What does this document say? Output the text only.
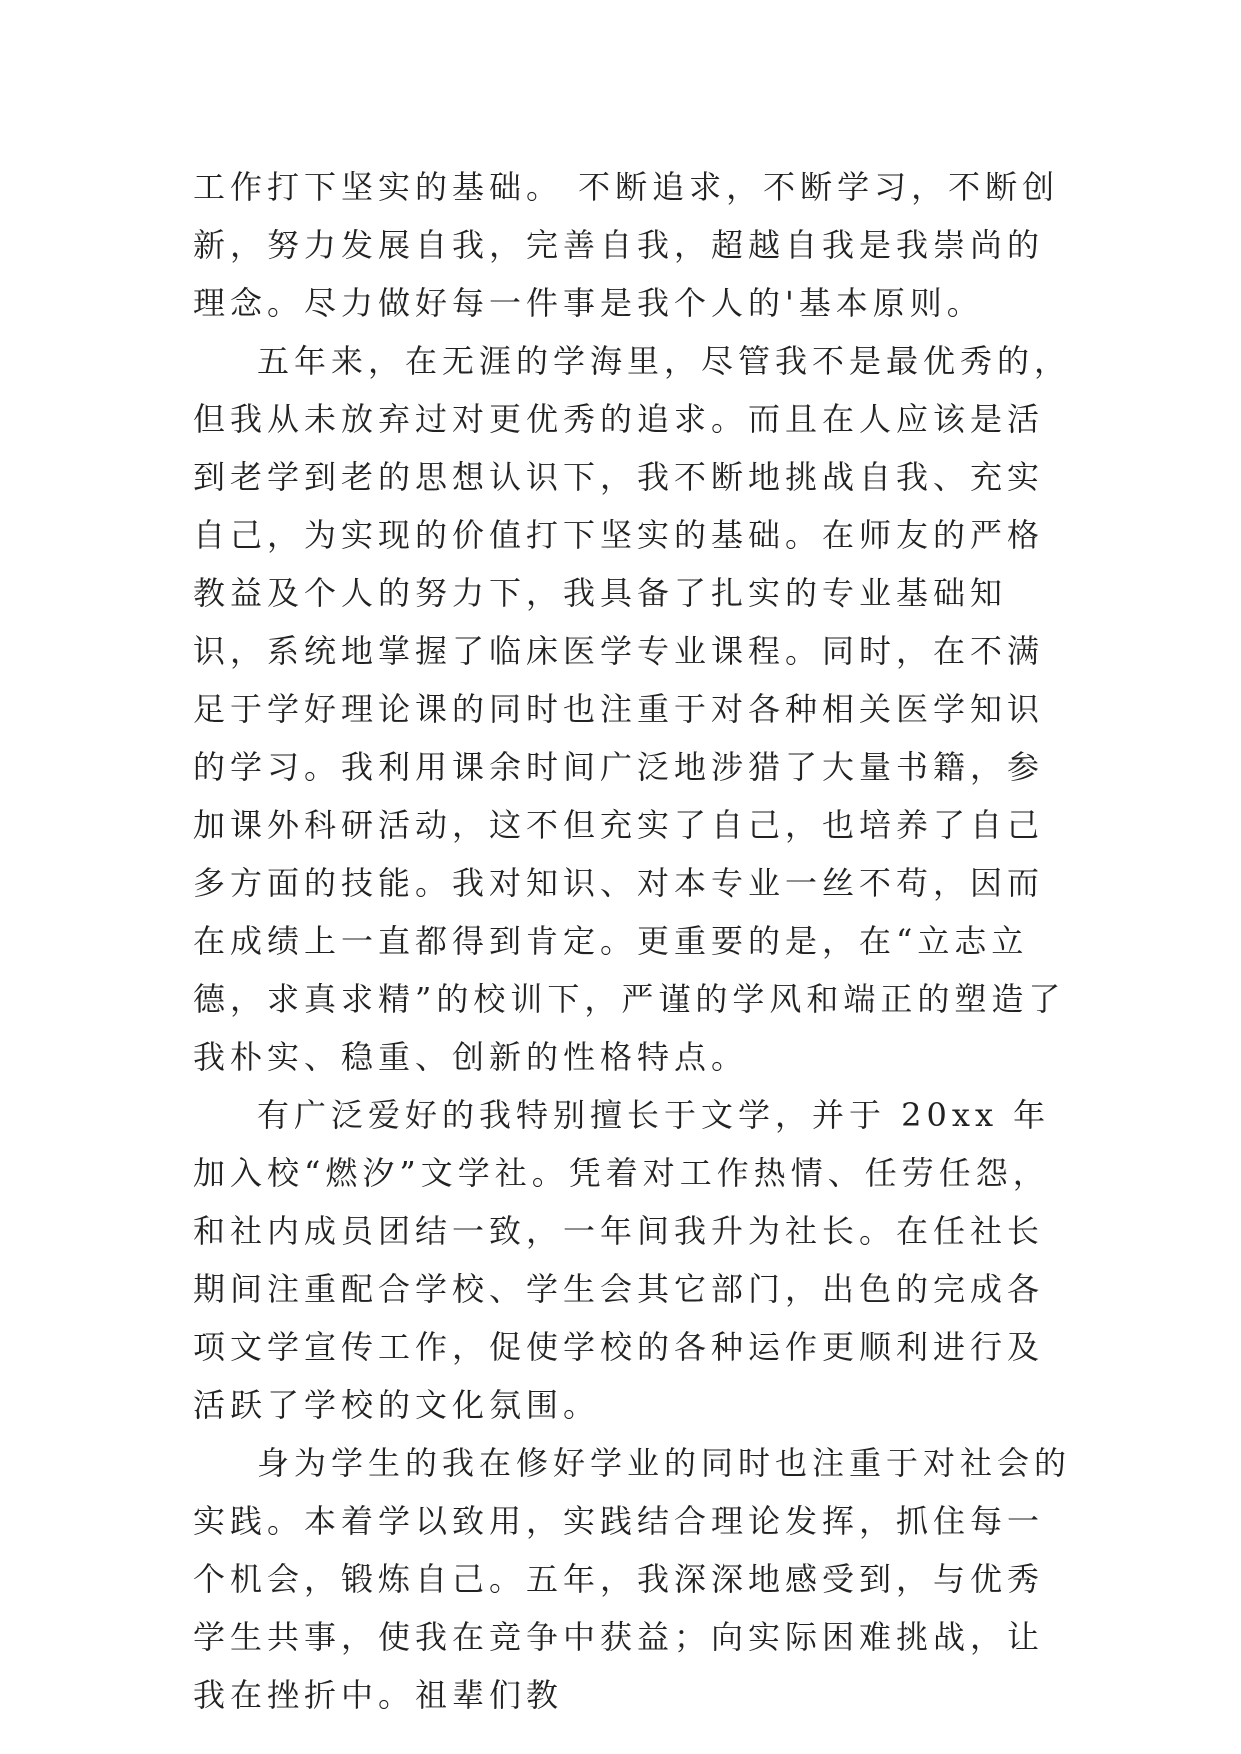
工作打下坚实的基础。 不断追求，不断学习，不断创新，努力发展自我，完善自我，超越自我是我崇尚的理念。尽力做好每一件事是我个人的'基本原则。

五年来，在无涯的学海里，尽管我不是最优秀的，但我从未放弃过对更优秀的追求。而且在人应该是活到老学到老的思想认识下，我不断地挑战自我、充实自己，为实现的价值打下坚实的基础。在师友的严格教益及个人的努力下，我具备了扎实的专业基础知识，系统地掌握了临床医学专业课程。同时，在不满足于学好理论课的同时也注重于对各种相关医学知识的学习。我利用课余时间广泛地涉猎了大量书籍，参加课外科研活动，这不但充实了自己，也培养了自己多方面的技能。我对知识、对本专业一丝不苟，因而在成绩上一直都得到肯定。更重要的是，在“立志立德，求真求精”的校训下，严谨的学风和端正的塑造了我朴实、稳重、创新的性格特点。

有广泛爱好的我特别擅长于文学，并于 20xx 年加入校“燃汐”文学社。凭着对工作热情、任劳任怨，和社内成员团结一致，一年间我升为社长。在任社长期间注重配合学校、学生会其它部门，出色的完成各项文学宣传工作，促使学校的各种运作更顺利进行及活跃了学校的文化氛围。

身为学生的我在修好学业的同时也注重于对社会的实践。本着学以致用，实践结合理论发挥，抓住每一个机会，锻炼自己。五年，我深深地感受到，与优秀学生共事，使我在竞争中获益；向实际困难挑战，让我在挫折中。祖辈们教
